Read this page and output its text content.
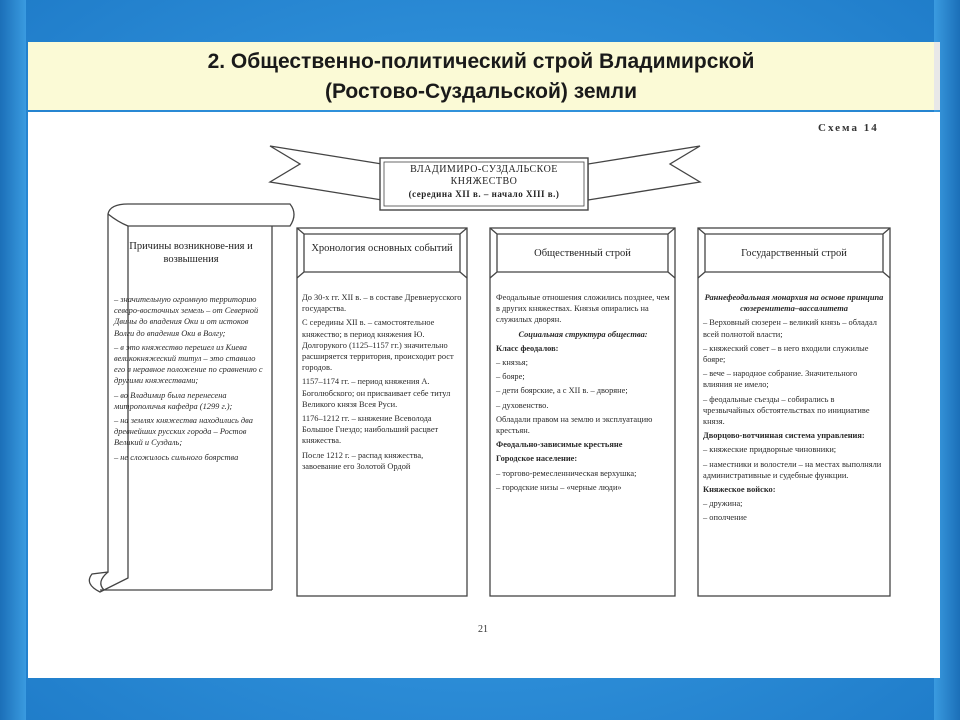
2. Общественно-политический строй Владимирской
(Ростово-Суздальской) земли
Схема 14
ВЛАДИМИРО-СУЗДАЛЬСКОЕ
КНЯЖЕСТВО
(середина XII в. – начало XIII в.)
Причины возникнове-ния и возвышения
Хронология основных событий	Общественный строй	Государственный строй

– значительную огромную территорию северо-восточных земель – от Северной Двины до впадения Оки и от истоков Волги до впадения Оки в Волгу;

– в это княжество перешел из Киева великокняжеский титул – это ставило его в неравное положение по сравнению с другими княжествами;

– во Владимир была перенесена митрополичья кафедра (1299 г.);

– на землях княжества находились два древнейших русских города – Ростов Великий и Суздаль;

– не сложилось сильного боярства

До 30-х гг. XII в. – в составе Древнерусского государства.

С середины XII в. – самостоятельное княжество; в период княжения Ю. Долгорукого (1125–1157 гг.) значительно расширяется территория, происходит рост городов.

1157–1174 гг. – период княжения А. Боголюбского; он присваивает себе титул Великого князя Всея Руси.

1176–1212 гг. – княжение Всеволода Большое Гнездо; наибольший расцвет княжества.

После 1212 г. – распад княжества, завоевание его Золотой Ордой

Феодальные отношения сложились позднее, чем в других княжествах. Князья опирались на служилых дворян.

Социальная структура общества:

Класс феодалов:

– князья;

– бояре;

– дети боярские, а с XII в. – дворяне;

– духовенство.

Обладали правом на землю и эксплуатацию крестьян.

Феодально-зависимые крестьяне

Городское население:

– торгово-ремесленническая верхушка;

– городские низы – «черные люди»

Раннефеодальная монархия на основе принципа сюзеренитета–вассалитета

– Верховный сюзерен – великий князь – обладал всей полнотой власти;

– княжеский совет – в него входили служилые бояре;

– вече – народное собрание. Значительного влияния не имело;

– феодальные съезды – собирались в чрезвычайных обстоятельствах по инициативе князя.

Дворцово-вотчинная система управления:

– княжеские придворные чиновники;

– наместники и волостели – на местах выполняли административные и судебные функции.

Княжеское войско:

– дружина;

– ополчение

21
